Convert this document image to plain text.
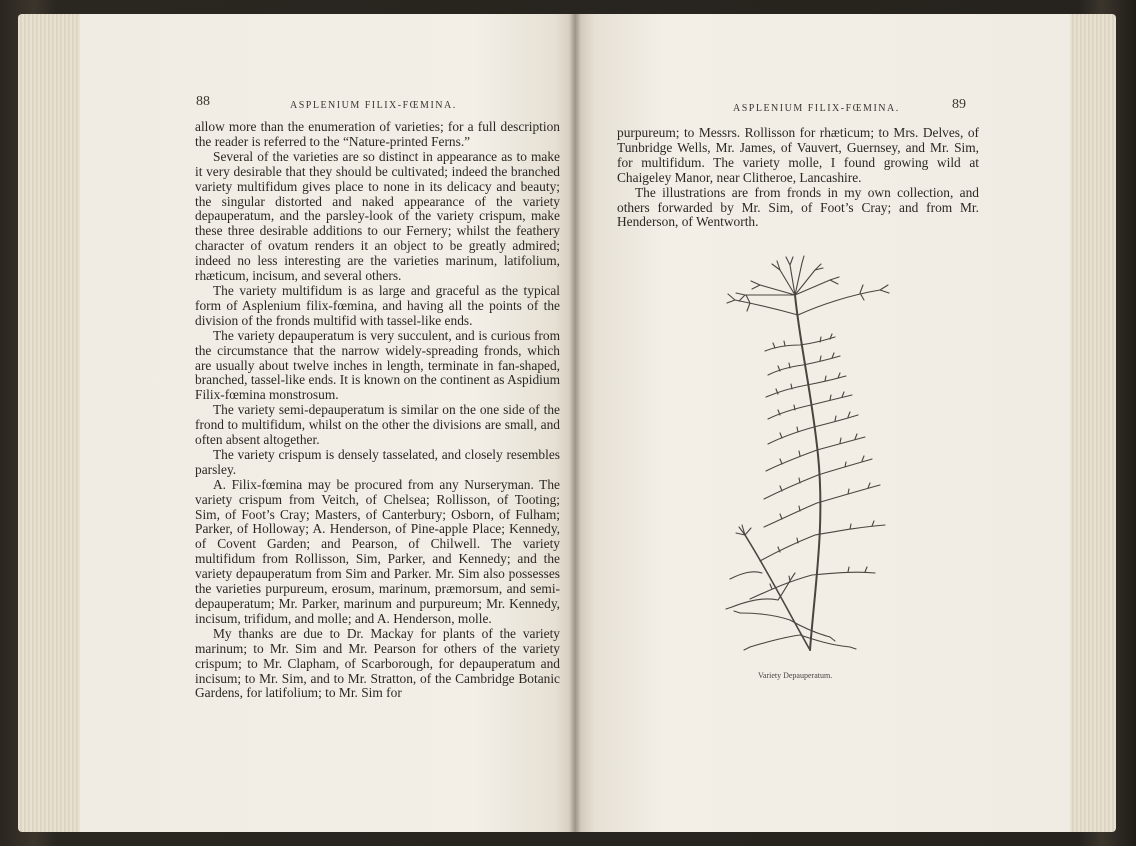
88	ASPLENIUM FILIX-FŒMINA.

allow more than the enumeration of varieties; for a full description the reader is referred to the “Nature-printed Ferns.”

Several of the varieties are so distinct in appearance as to make it very desirable that they should be cultivated; indeed the branched variety multifidum gives place to none in its delicacy and beauty; the singular distorted and naked appearance of the variety depauperatum, and the parsley-look of the variety crispum, make these three desirable additions to our Fernery; whilst the feathery character of ovatum renders it an object to be greatly admired; indeed no less interesting are the varieties marinum, latifolium, rhæticum, incisum, and several others.

The variety multifidum is as large and graceful as the typical form of Asplenium filix-fœmina, and having all the points of the division of the fronds multifid with tassel-like ends.

The variety depauperatum is very succulent, and is curious from the circumstance that the narrow widely-spreading fronds, which are usually about twelve inches in length, terminate in fan-shaped, branched, tassel-like ends. It is known on the continent as Aspidium Filix-fœmina monstrosum.

The variety semi-depauperatum is similar on the one side of the frond to multifidum, whilst on the other the divisions are small, and often absent altogether.

The variety crispum is densely tasselated, and closely resembles parsley.

A. Filix-fœmina may be procured from any Nurseryman. The variety crispum from Veitch, of Chelsea; Rollisson, of Tooting; Sim, of Foot’s Cray; Masters, of Canterbury; Osborn, of Fulham; Parker, of Holloway; A. Henderson, of Pine-apple Place; Kennedy, of Covent Garden; and Pearson, of Chilwell. The variety multifidum from Rollisson, Sim, Parker, and Kennedy; and the variety depauperatum from Sim and Parker. Mr. Sim also possesses the varieties purpureum, erosum, marinum, præmorsum, and semi-depauperatum; Mr. Parker, marinum and purpureum; Mr. Kennedy, incisum, trifidum, and molle; and A. Henderson, molle.

My thanks are due to Dr. Mackay for plants of the variety marinum; to Mr. Sim and Mr. Pearson for others of the variety crispum; to Mr. Clapham, of Scarborough, for depauperatum and incisum; to Mr. Sim, and to Mr. Stratton, of the Cambridge Botanic Gardens, for latifolium; to Mr. Sim for

ASPLENIUM FILIX-FŒMINA.	89

purpureum; to Messrs. Rollisson for rhæticum; to Mrs. Delves, of Tunbridge Wells, Mr. James, of Vauvert, Guernsey, and Mr. Sim, for multifidum. The variety molle, I found growing wild at Chaigeley Manor, near Clitheroe, Lancashire.

The illustrations are from fronds in my own collection, and others forwarded by Mr. Sim, of Foot’s Cray; and from Mr. Henderson, of Wentworth.

Variety Depauperatum.
